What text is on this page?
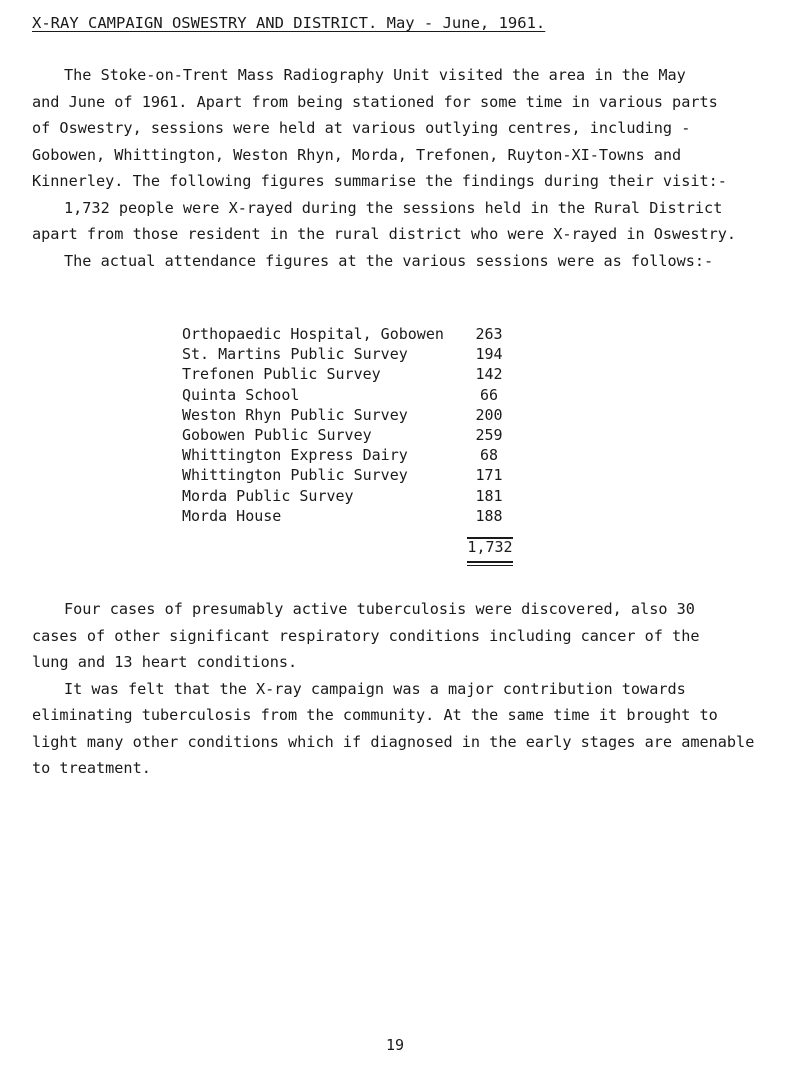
X-RAY CAMPAIGN OSWESTRY AND DISTRICT. May - June, 1961.

The Stoke-on-Trent Mass Radiography Unit visited the area in the May

and June of 1961. Apart from being stationed for some time in various parts

of Oswestry, sessions were held at various outlying centres, including -

Gobowen, Whittington, Weston Rhyn, Morda, Trefonen, Ruyton-XI-Towns and

Kinnerley. The following figures summarise the findings during their visit:-

1,732 people were X-rayed during the sessions held in the Rural District

apart from those resident in the rural district who were X-rayed in Oswestry.

The actual attendance figures at the various sessions were as follows:-

Orthopaedic Hospital, Gobowen	263
St. Martins Public Survey	194
Trefonen Public Survey	142
Quinta School	66
Weston Rhyn Public Survey	200
Gobowen Public Survey	259
Whittington Express Dairy	68
Whittington Public Survey	171
Morda Public Survey	181
Morda House	188
1,732

Four cases of presumably active tuberculosis were discovered, also 30

cases of other significant respiratory conditions including cancer of the

lung and 13 heart conditions.

It was felt that the X-ray campaign was a major contribution towards

eliminating tuberculosis from the community. At the same time it brought to

light many other conditions which if diagnosed in the early stages are amenable

to treatment.

19
